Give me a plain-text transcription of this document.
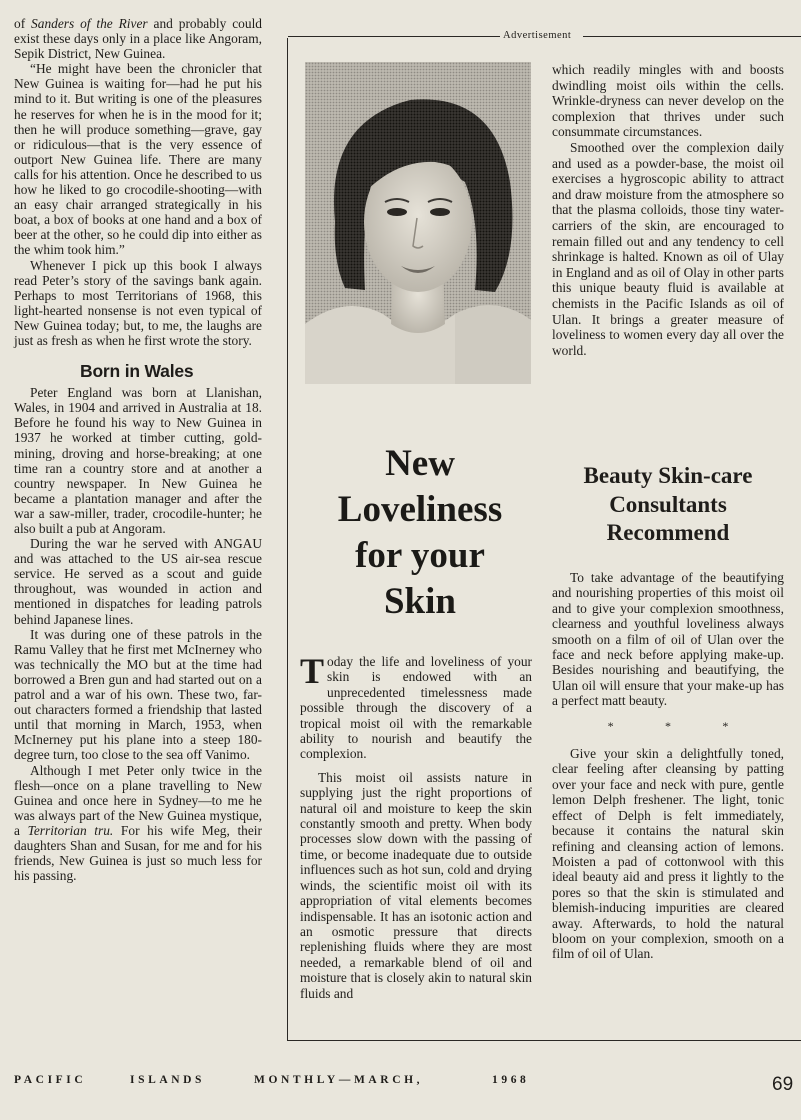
of Sanders of the River and probably could exist these days only in a place like Angoram, Sepik District, New Guinea.

“He might have been the chronicler that New Guinea is waiting for—had he put his mind to it. But writing is one of the pleasures he reserves for when he is in the mood for it; then he will produce something—grave, gay or ridiculous—that is the very essence of outport New Guinea life. There are many calls for his attention. Once he described to us how he liked to go crocodile-shooting—with an easy chair arranged strategically in his boat, a box of books at one hand and a box of beer at the other, so he could dip into either as the whim took him.”

Whenever I pick up this book I always read Peter’s story of the savings bank again. Perhaps to most Territorians of 1968, this light-hearted nonsense is not even typical of New Guinea today; but, to me, the laughs are just as fresh as when he first wrote the story.

Born in Wales

Peter England was born at Llanishan, Wales, in 1904 and arrived in Australia at 18. Before he found his way to New Guinea in 1937 he worked at timber cutting, gold-mining, droving and horse-breaking; at one time ran a country store and at another a country newspaper. In New Guinea he became a plantation manager and after the war a saw-miller, trader, crocodile-hunter; he also built a pub at Angoram.

During the war he served with ANGAU and was attached to the US air-sea rescue service. He served as a scout and guide throughout, was wounded in action and mentioned in dispatches for leading patrols behind Japanese lines.

It was during one of these patrols in the Ramu Valley that he first met McInerney who was technically the MO but at the time had borrowed a Bren gun and had started out on a patrol and a war of his own. These two, far-out characters formed a friendship that lasted until that morning in March, 1953, when McInerney put his plane into a steep 180-degree turn, too close to the sea off Vanimo.

Although I met Peter only twice in the flesh—once on a plane travelling to New Guinea and once here in Sydney—to me he was always part of the New Guinea mystique, a Territorian tru. For his wife Meg, their daughters Shan and Susan, for me and for his friends, New Guinea is just so much less for his passing.

Advertisement

which readily mingles with and boosts dwindling moist oils within the cells. Wrinkle-dryness can never develop on the complexion that thrives under such consummate circumstances.

Smoothed over the complexion daily and used as a powder-base, the moist oil exercises a hygroscopic ability to attract and draw moisture from the atmosphere so that the plasma colloids, those tiny water-carriers of the skin, are encouraged to remain filled out and any tendency to cell shrinkage is halted. Known as oil of Ulay in England and as oil of Olay in other parts this unique beauty fluid is available at chemists in the Pacific Islands as oil of Ulan. It brings a greater measure of loveliness to women every day all over the world.

New
Loveliness
for your
Skin

Today the life and loveliness of your skin is endowed with an unprecedented timelessness made possible through the discovery of a tropical moist oil with the remarkable ability to nourish and beautify the complexion.

This moist oil assists nature in supplying just the right proportions of natural oil and moisture to keep the skin constantly smooth and pretty. When body processes slow down with the passing of time, or become inadequate due to outside influences such as hot sun, cold and drying winds, the scientific moist oil with its appropriation of vital elements becomes indispensable. It has an isotonic action and an osmotic pressure that directs replenishing fluids where they are most needed, a remarkable blend of oil and moisture that is closely akin to natural skin fluids and

Beauty Skin-care
Consultants
Recommend

To take advantage of the beautifying and nourishing properties of this moist oil and to give your complexion smoothness, clearness and youthful loveliness always smooth on a film of oil of Ulan over the face and neck before applying make-up. Besides nourishing and beautifying, the Ulan oil will ensure that your make-up has a perfect matt beauty.

*	*	*

Give your skin a delightfully toned, clear feeling after cleansing by patting over your face and neck with pure, gentle lemon Delph freshener. The light, tonic effect of Delph is felt immediately, because it contains the natural skin refining and cleansing action of lemons. Moisten a pad of cottonwool with this ideal beauty aid and press it lightly to the pores so that the skin is stimulated and blemish-inducing impurities are cleared away. Afterwards, to hold the natural bloom on your complexion, smooth on a film of oil of Ulan.

PACIFIC	ISLANDS	MONTHLY—MARCH,	1968	69
